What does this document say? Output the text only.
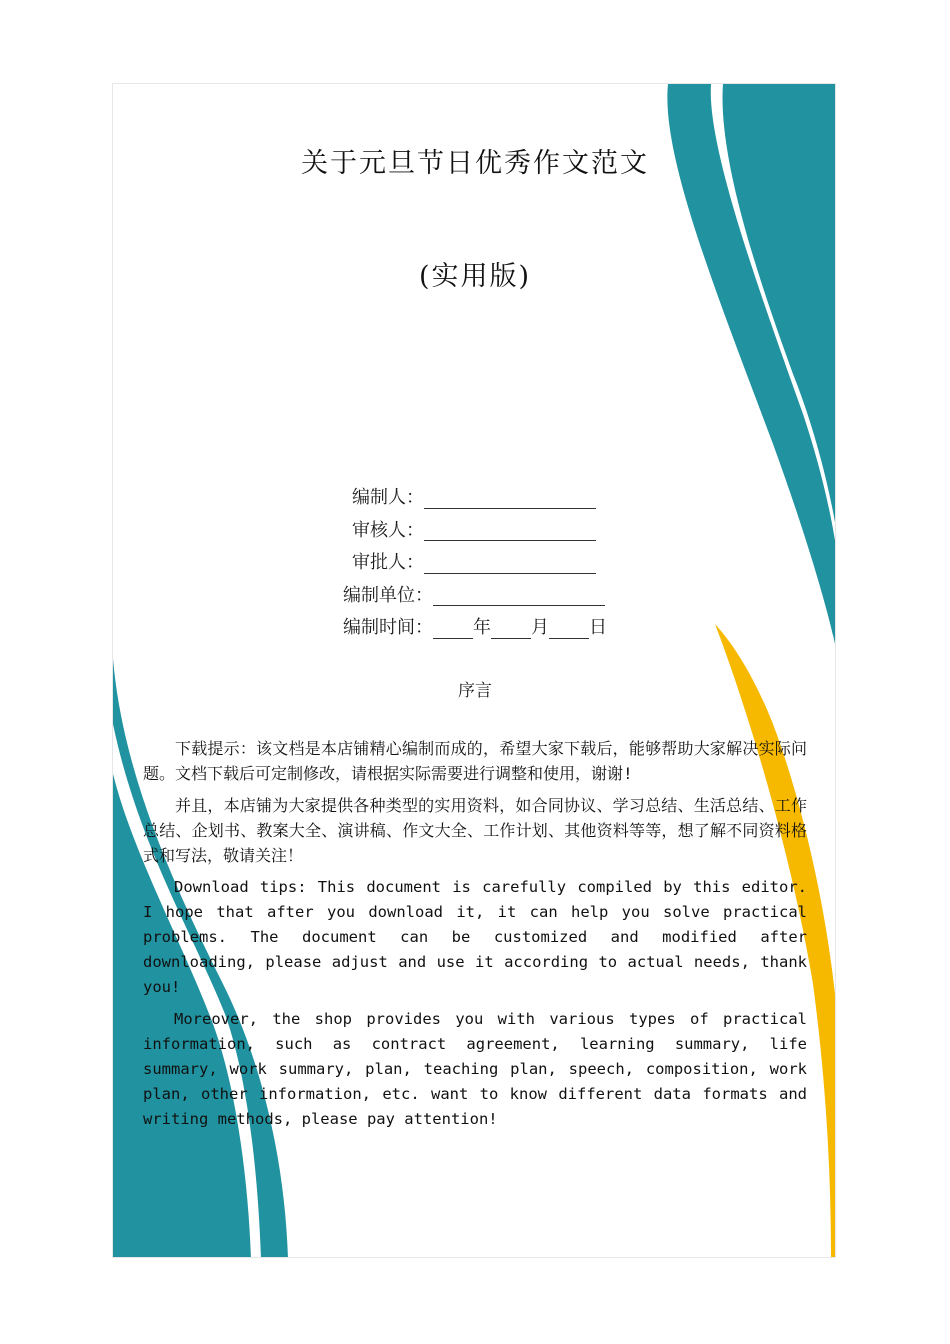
关于元旦节日优秀作文范文
(实用版)
编制人：
审核人：
审批人：
编制单位：
编制时间： 年 月 日
序言

下载提示：该文档是本店铺精心编制而成的，希望大家下载后，能够帮助大家解决实际问题。文档下载后可定制修改，请根据实际需要进行调整和使用，谢谢!

并且，本店铺为大家提供各种类型的实用资料，如合同协议、学习总结、生活总结、工作总结、企划书、教案大全、演讲稿、作文大全、工作计划、其他资料等等，想了解不同资料格式和写法，敬请关注！

Download tips: This document is carefully compiled by this editor. I hope that after you download it, it can help you solve practical problems. The document can be customized and modified after downloading, please adjust and use it according to actual needs, thank you!

Moreover, the shop provides you with various types of practical information, such as contract agreement, learning summary, life summary, work summary, plan, teaching plan, speech, composition, work plan, other information, etc. want to know different data formats and writing methods, please pay attention!
